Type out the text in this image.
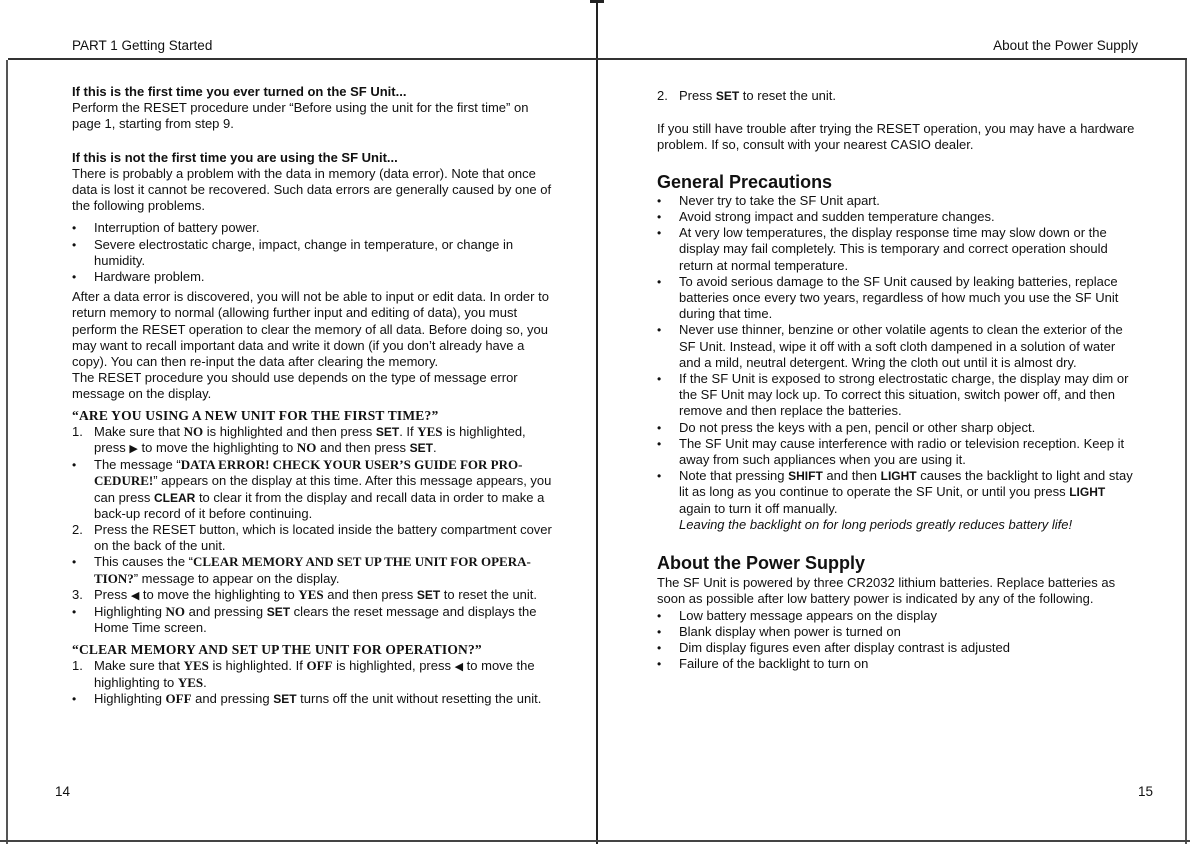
PART 1 Getting Started

If this is the first time you ever turned on the SF Unit...

Perform the RESET procedure under “Before using the unit for the first time” on page 1, starting from step 9.

If this is not the first time you are using the SF Unit...

There is probably a problem with the data in memory (data error). Note that once data is lost it cannot be recovered. Such data errors are generally caused by one of the following problems.

• Interruption of battery power.
• Severe electrostatic charge, impact, change in temperature, or change in humidity.
• Hardware problem.

After a data error is discovered, you will not be able to input or edit data. In order to return memory to normal (allowing further input and editing of data), you must perform the RESET operation to clear the memory of all data. Before doing so, you may want to recall important data and write it down (if you don’t already have a copy). You can then re-input the data after clearing the memory.

The RESET procedure you should use depends on the type of message error message on the display.

“ARE YOU USING A NEW UNIT FOR THE FIRST TIME?”

1. Make sure that NO is highlighted and then press SET. If YES is highlighted, press ▶ to move the highlighting to NO and then press SET.
• The message “DATA ERROR! CHECK YOUR USER’S GUIDE FOR PRO-CEDURE!” appears on the display at this time. After this message appears, you can press CLEAR to clear it from the display and recall data in order to make a back-up record of it before continuing.
2. Press the RESET button, which is located inside the battery compartment cover on the back of the unit.
• This causes the “CLEAR MEMORY AND SET UP THE UNIT FOR OPERA-TION?” message to appear on the display.
3. Press ◀ to move the highlighting to YES and then press SET to reset the unit.
• Highlighting NO and pressing SET clears the reset message and displays the Home Time screen.

“CLEAR MEMORY AND SET UP THE UNIT FOR OPERATION?”

1. Make sure that YES is highlighted. If OFF is highlighted, press ◀ to move the highlighting to YES.
• Highlighting OFF and pressing SET turns off the unit without resetting the unit.
14
About the Power Supply
2. Press SET to reset the unit.

If you still have trouble after trying the RESET operation, you may have a hardware problem. If so, consult with your nearest CASIO dealer.

General Precautions
• Never try to take the SF Unit apart.
• Avoid strong impact and sudden temperature changes.
• At very low temperatures, the display response time may slow down or the display may fail completely. This is temporary and correct operation should return at normal temperature.
• To avoid serious damage to the SF Unit caused by leaking batteries, replace batteries once every two years, regardless of how much you use the SF Unit during that time.
• Never use thinner, benzine or other volatile agents to clean the exterior of the SF Unit. Instead, wipe it off with a soft cloth dampened in a solution of water and a mild, neutral detergent. Wring the cloth out until it is almost dry.
• If the SF Unit is exposed to strong electrostatic charge, the display may dim or the SF Unit may lock up. To correct this situation, switch power off, and then remove and then replace the batteries.
• Do not press the keys with a pen, pencil or other sharp object.
• The SF Unit may cause interference with radio or television reception. Keep it away from such appliances when you are using it.
• Note that pressing SHIFT and then LIGHT causes the backlight to light and stay lit as long as you continue to operate the SF Unit, or until you press LIGHT again to turn it off manually.
Leaving the backlight on for long periods greatly reduces battery life!
About the Power Supply

The SF Unit is powered by three CR2032 lithium batteries. Replace batteries as soon as possible after low battery power is indicated by any of the following.

• Low battery message appears on the display
• Blank display when power is turned on
• Dim display figures even after display contrast is adjusted
• Failure of the backlight to turn on
15
